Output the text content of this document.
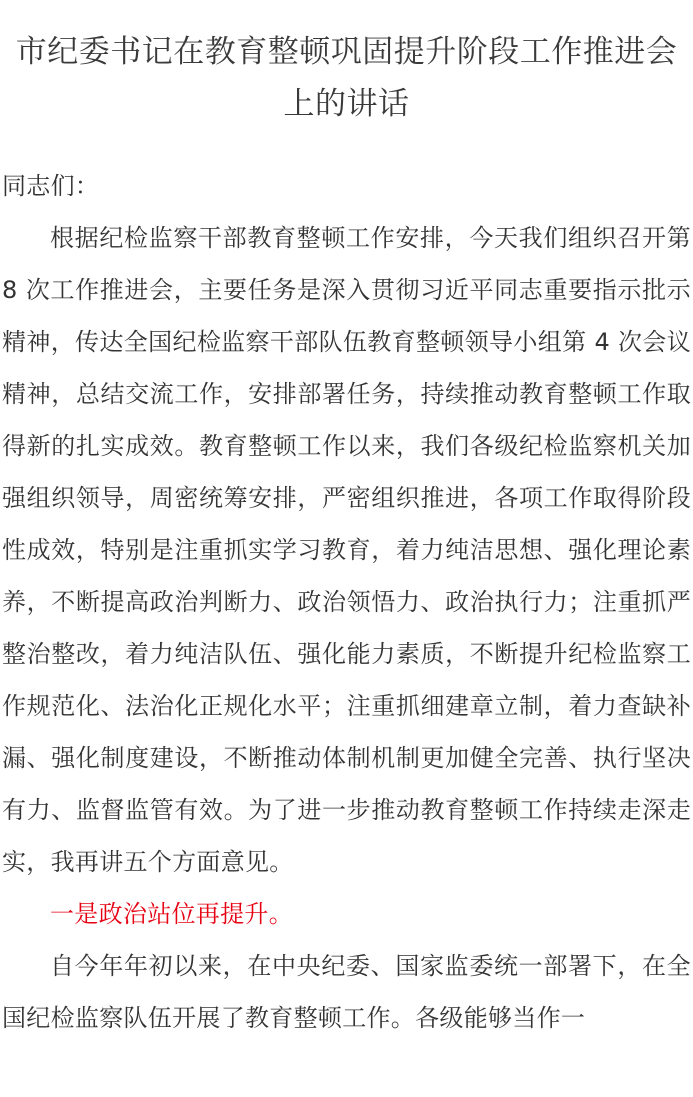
市纪委书记在教育整顿巩固提升阶段工作推进会上的讲话

同志们：

根据纪检监察干部教育整顿工作安排，今天我们组织召开第 8 次工作推进会，主要任务是深入贯彻习近平同志重要指示批示精神，传达全国纪检监察干部队伍教育整顿领导小组第 4 次会议精神，总结交流工作，安排部署任务，持续推动教育整顿工作取得新的扎实成效。教育整顿工作以来，我们各级纪检监察机关加强组织领导，周密统筹安排，严密组织推进，各项工作取得阶段性成效，特别是注重抓实学习教育，着力纯洁思想、强化理论素养，不断提高政治判断力、政治领悟力、政治执行力；注重抓严整治整改，着力纯洁队伍、强化能力素质，不断提升纪检监察工作规范化、法治化正规化水平；注重抓细建章立制，着力查缺补漏、强化制度建设，不断推动体制机制更加健全完善、执行坚决有力、监督监管有效。为了进一步推动教育整顿工作持续走深走实，我再讲五个方面意见。

一是政治站位再提升。

自今年年初以来，在中央纪委、国家监委统一部署下，在全国纪检监察队伍开展了教育整顿工作。各级能够当作一
